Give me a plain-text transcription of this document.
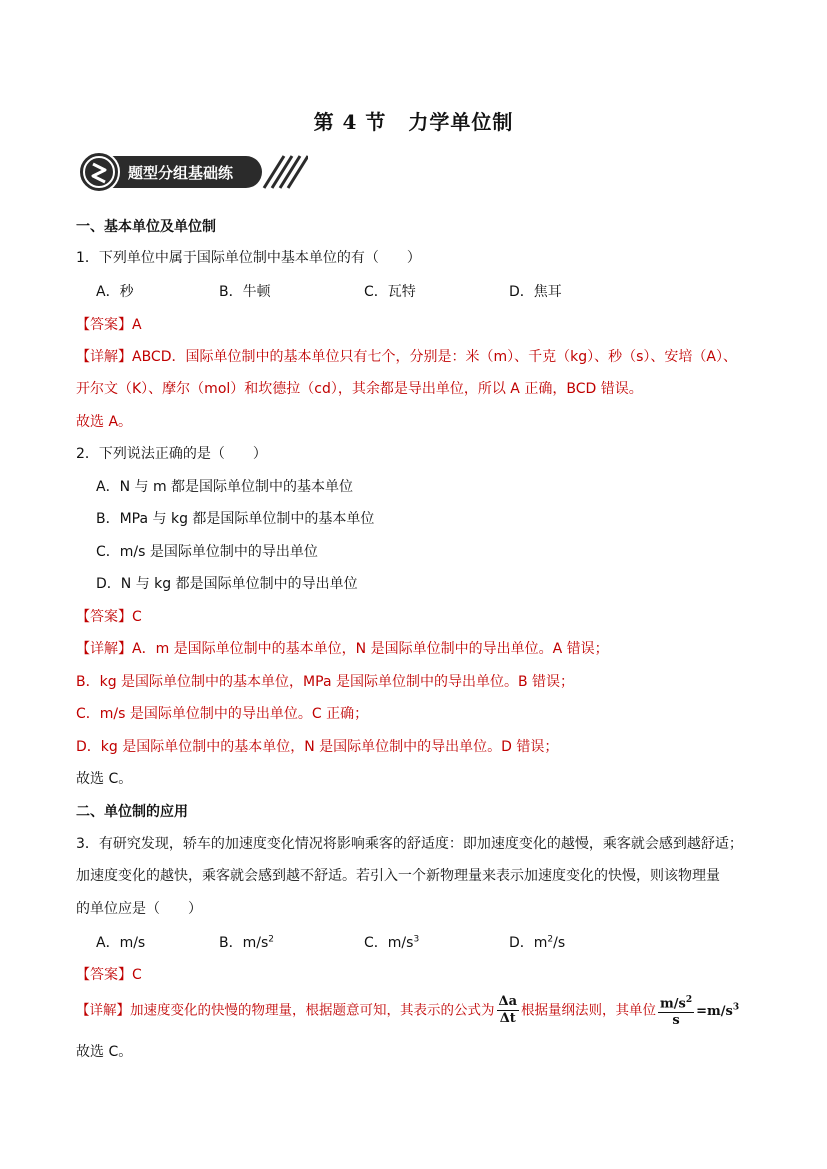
第 4 节 力学单位制
题型分组基础练
一、基本单位及单位制
1．下列单位中属于国际单位制中基本单位的有（　　）
A．秒	B．牛顿	C．瓦特	D．焦耳
【答案】A
【详解】ABCD．国际单位制中的基本单位只有七个，分别是：米（m）、千克（kg）、秒（s）、安培（A）、
开尔文（K）、摩尔（mol）和坎德拉（cd），其余都是导出单位，所以 A 正确，BCD 错误。
故选 A。
2．下列说法正确的是（　　）
A．N 与 m 都是国际单位制中的基本单位
B．MPa 与 kg 都是国际单位制中的基本单位
C．m/s 是国际单位制中的导出单位
D．N 与 kg 都是国际单位制中的导出单位
【答案】C
【详解】A．m 是国际单位制中的基本单位，N 是国际单位制中的导出单位。A 错误；
B．kg 是国际单位制中的基本单位，MPa 是国际单位制中的导出单位。B 错误；
C．m/s 是国际单位制中的导出单位。C 正确；
D．kg 是国际单位制中的基本单位，N 是国际单位制中的导出单位。D 错误；
故选 C。
二、单位制的应用
3．有研究发现，轿车的加速度变化情况将影响乘客的舒适度：即加速度变化的越慢，乘客就会感到越舒适；
加速度变化的越快，乘客就会感到越不舒适。若引入一个新物理量来表示加速度变化的快慢，则该物理量
的单位应是（　　）
A．m/s	B．$m/s^2$	C．$m/s^3$	D．$m^2/s$
【答案】C
【详解】加速度变化的快慢的物理量，根据题意可知，其表示的公式为 $\frac{\Delta a}{\Delta t}$ 根据量纲法则，其单位 $\frac{m/s^2}{s} =m/s^3$
故选 C。
